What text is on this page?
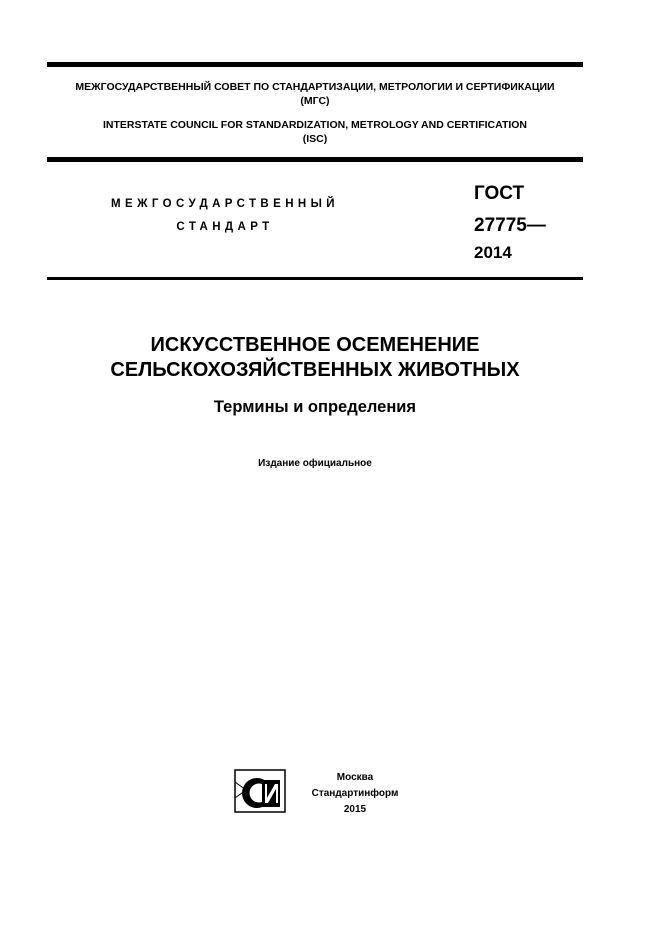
МЕЖГОСУДАРСТВЕННЫЙ СОВЕТ ПО СТАНДАРТИЗАЦИИ, МЕТРОЛОГИИ И СЕРТИФИКАЦИИ
(МГС)
INTERSTATE COUNCIL FOR STANDARDIZATION, METROLOGY AND CERTIFICATION
(ISC)
МЕЖГОСУДАРСТВЕННЫЙ
СТАНДАРТ
ГОСТ
27775—
2014
ИСКУССТВЕННОЕ ОСЕМЕНЕНИЕ
СЕЛЬСКОХОЗЯЙСТВЕННЫХ ЖИВОТНЫХ
Термины и определения
Издание официальное
Москва
Стандартинформ
2015
